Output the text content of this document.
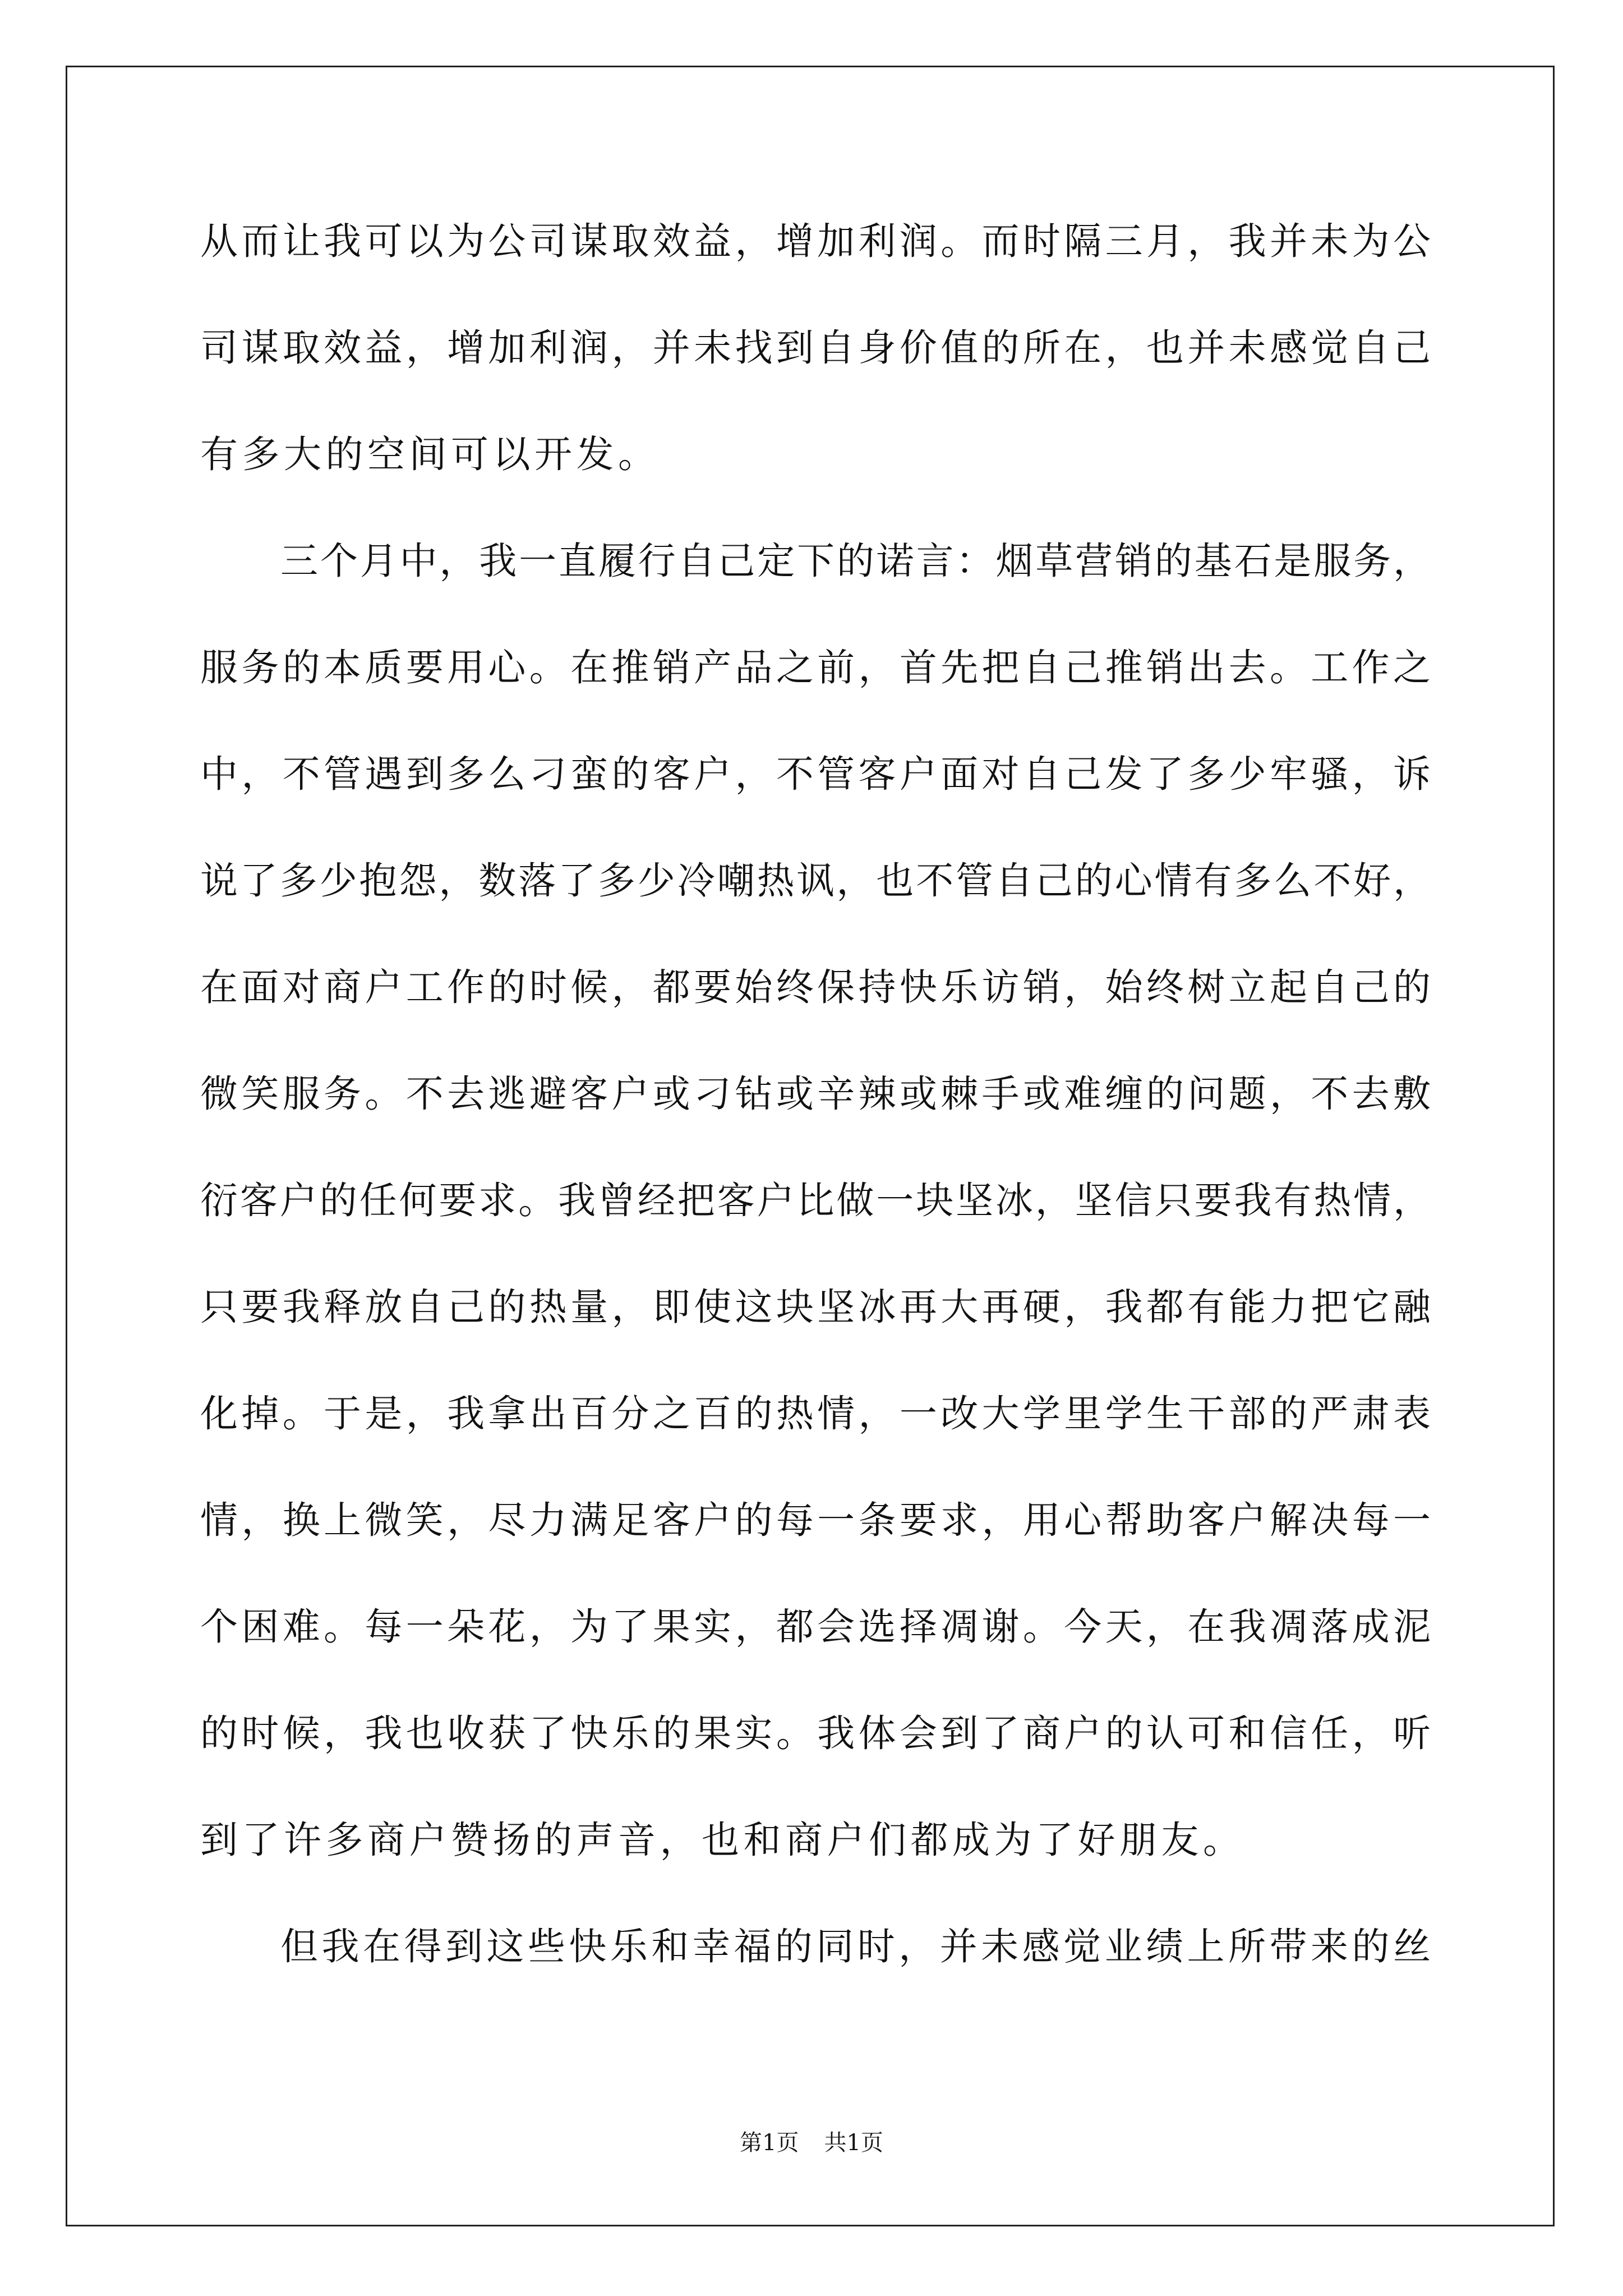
从而让我可以为公司谋取效益，增加利润。而时隔三月，我并未为公
司谋取效益，增加利润，并未找到自身价值的所在，也并未感觉自己
有多大的空间可以开发。
三个月中，我一直履行自己定下的诺言：烟草营销的基石是服务，
服务的本质要用心。在推销产品之前，首先把自己推销出去。工作之
中，不管遇到多么刁蛮的客户，不管客户面对自己发了多少牢骚，诉
说了多少抱怨，数落了多少冷嘲热讽，也不管自己的心情有多么不好，
在面对商户工作的时候，都要始终保持快乐访销，始终树立起自己的
微笑服务。不去逃避客户或刁钻或辛辣或棘手或难缠的问题，不去敷
衍客户的任何要求。我曾经把客户比做一块坚冰，坚信只要我有热情，
只要我释放自己的热量，即使这块坚冰再大再硬，我都有能力把它融
化掉。于是，我拿出百分之百的热情，一改大学里学生干部的严肃表
情，换上微笑，尽力满足客户的每一条要求，用心帮助客户解决每一
个困难。每一朵花，为了果实，都会选择凋谢。今天，在我凋落成泥
的时候，我也收获了快乐的果实。我体会到了商户的认可和信任，听
到了许多商户赞扬的声音，也和商户们都成为了好朋友。
但我在得到这些快乐和幸福的同时，并未感觉业绩上所带来的丝
第1页 共1页
